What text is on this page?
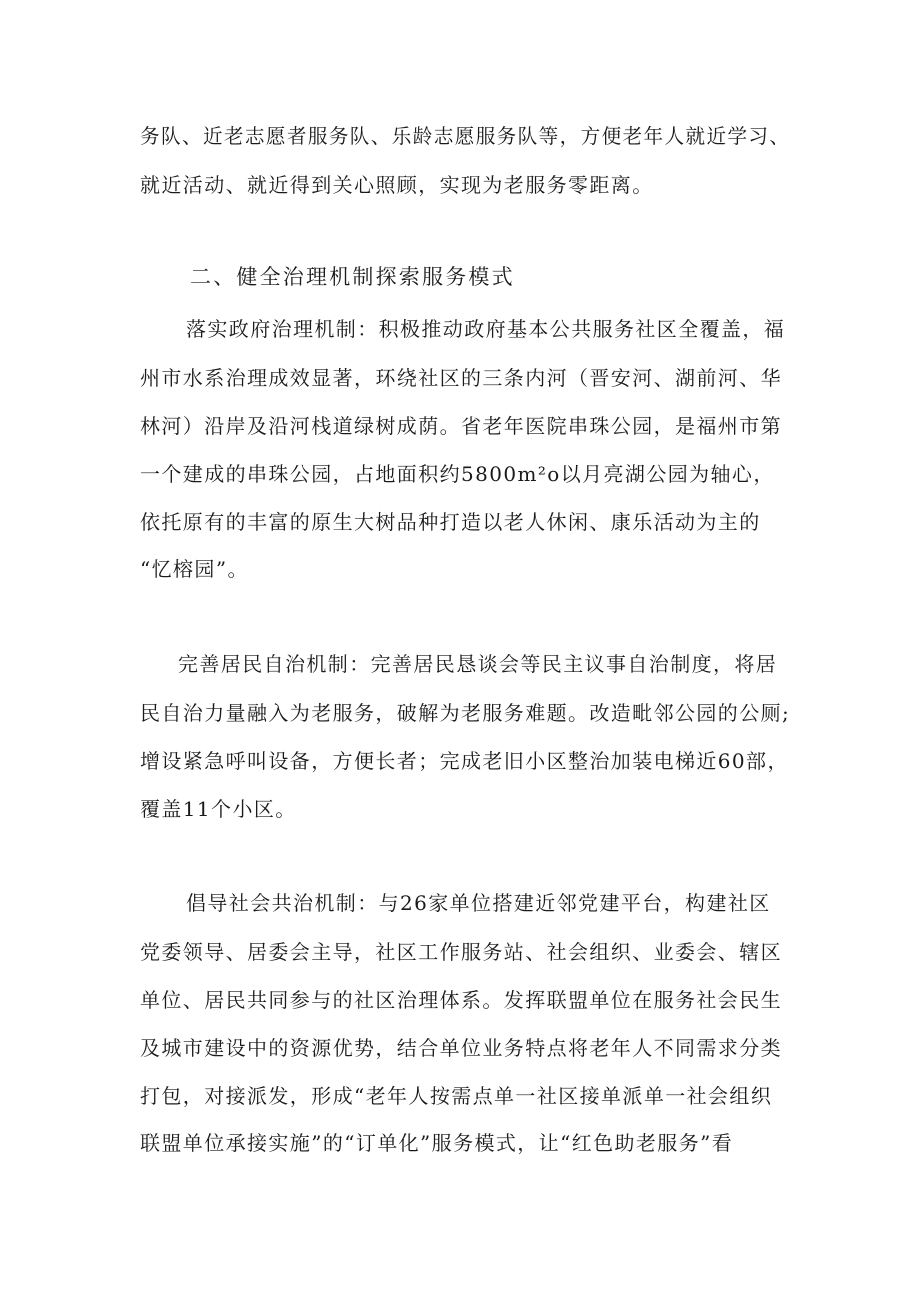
务队、近老志愿者服务队、乐龄志愿服务队等，方便老年人就近学习、
就近活动、就近得到关心照顾，实现为老服务零距离。
二、健全治理机制探索服务模式
落实政府治理机制：积极推动政府基本公共服务社区全覆盖，福
州市水系治理成效显著，环绕社区的三条内河（晋安河、湖前河、华
林河）沿岸及沿河栈道绿树成荫。省老年医院串珠公园，是福州市第
一个建成的串珠公园，占地面积约5800m²o以月亮湖公园为轴心，
依托原有的丰富的原生大树品种打造以老人休闲、康乐活动为主的
“忆榕园”。
完善居民自治机制：完善居民恳谈会等民主议事自治制度，将居
民自治力量融入为老服务，破解为老服务难题。改造毗邻公园的公厕;
增设紧急呼叫设备，方便长者；完成老旧小区整治加装电梯近60部，
覆盖11个小区。
倡导社会共治机制：与26家单位搭建近邻党建平台，构建社区
党委领导、居委会主导，社区工作服务站、社会组织、业委会、辖区
单位、居民共同参与的社区治理体系。发挥联盟单位在服务社会民生
及城市建设中的资源优势，结合单位业务特点将老年人不同需求分类
打包，对接派发，形成“老年人按需点单一社区接单派单一社会组织
联盟单位承接实施”的“订单化”服务模式，让“红色助老服务”看
